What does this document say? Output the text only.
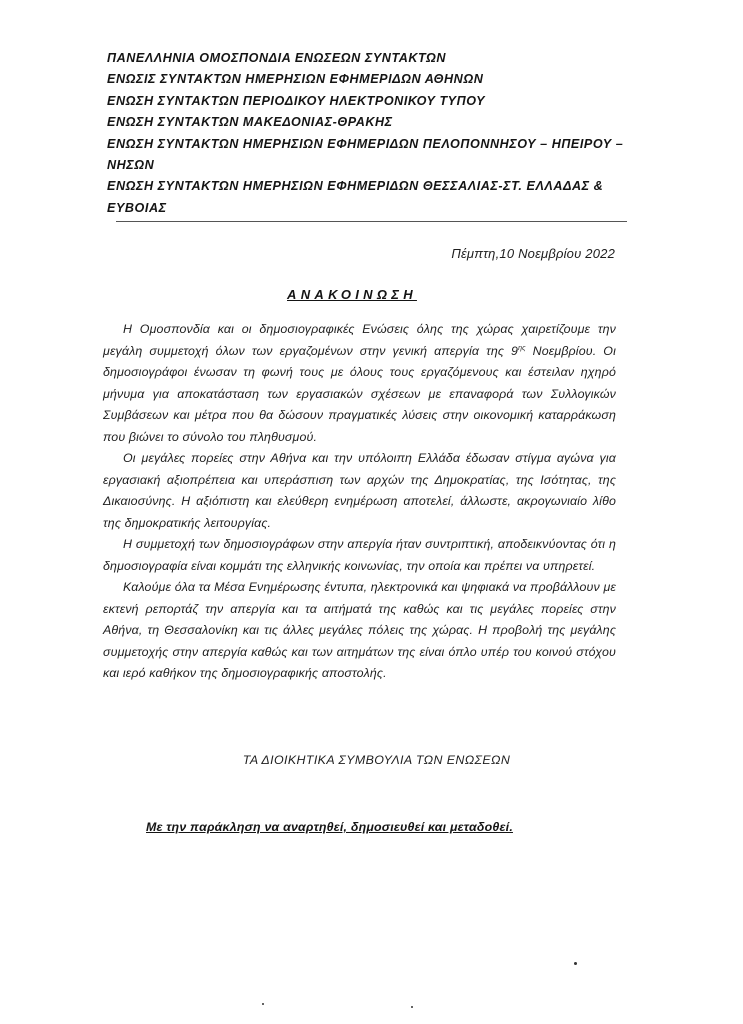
ΠΑΝΕΛΛΗΝΙΑ ΟΜΟΣΠΟΝΔΙΑ ΕΝΩΣΕΩΝ ΣΥΝΤΑΚΤΩΝ
ΕΝΩΣΙΣ ΣΥΝΤΑΚΤΩΝ ΗΜΕΡΗΣΙΩΝ ΕΦΗΜΕΡΙΔΩΝ ΑΘΗΝΩΝ
ΕΝΩΣΗ ΣΥΝΤΑΚΤΩΝ ΠΕΡΙΟΔΙΚΟΥ ΗΛΕΚΤΡΟΝΙΚΟΥ ΤΥΠΟΥ
ΕΝΩΣΗ ΣΥΝΤΑΚΤΩΝ ΜΑΚΕΔΟΝΙΑΣ-ΘΡΑΚΗΣ
ΕΝΩΣΗ ΣΥΝΤΑΚΤΩΝ ΗΜΕΡΗΣΙΩΝ ΕΦΗΜΕΡΙΔΩΝ ΠΕΛΟΠΟΝΝΗΣΟΥ – ΗΠΕΙΡΟΥ – ΝΗΣΩΝ
ΕΝΩΣΗ ΣΥΝΤΑΚΤΩΝ ΗΜΕΡΗΣΙΩΝ ΕΦΗΜΕΡΙΔΩΝ ΘΕΣΣΑΛΙΑΣ-ΣΤ. ΕΛΛΑΔΑΣ & ΕΥΒΟΙΑΣ
Πέμπτη,10 Νοεμβρίου 2022
ΑΝΑΚΟΙΝΩΣΗ

Η Ομοσπονδία και οι δημοσιογραφικές Ενώσεις όλης της χώρας χαιρετίζουμε την μεγάλη συμμετοχή όλων των εργαζομένων στην γενική απεργία της $9^{\eta\varsigma}$ Νοεμβρίου. Οι δημοσιογράφοι ένωσαν τη φωνή τους με όλους τους εργαζόμενους και έστειλαν ηχηρό μήνυμα για αποκατάσταση των εργασιακών σχέσεων με επαναφορά των Συλλογικών Συμβάσεων και μέτρα που θα δώσουν πραγματικές λύσεις στην οικονομική καταρράκωση που βιώνει το σύνολο του πληθυσμού.

Οι μεγάλες πορείες στην Αθήνα και την υπόλοιπη Ελλάδα έδωσαν στίγμα αγώνα για εργασιακή αξιοπρέπεια και υπεράσπιση των αρχών της Δημοκρατίας, της Ισότητας, της Δικαιοσύνης. Η αξιόπιστη και ελεύθερη ενημέρωση αποτελεί, άλλωστε, ακρογωνιαίο λίθο της δημοκρατικής λειτουργίας.

Η συμμετοχή των δημοσιογράφων στην απεργία ήταν συντριπτική, αποδεικνύοντας ότι η δημοσιογραφία είναι κομμάτι της ελληνικής κοινωνίας, την οποία και πρέπει να υπηρετεί.

Καλούμε όλα τα Μέσα Ενημέρωσης έντυπα, ηλεκτρονικά και ψηφιακά να προβάλλουν με εκτενή ρεπορτάζ την απεργία και τα αιτήματά της καθώς και τις μεγάλες πορείες στην Αθήνα, τη Θεσσαλονίκη και τις άλλες μεγάλες πόλεις της χώρας. Η προβολή της μεγάλης συμμετοχής στην απεργία καθώς και των αιτημάτων της είναι όπλο υπέρ του κοινού στόχου και ιερό καθήκον της δημοσιογραφικής αποστολής.

ΤΑ ΔΙΟΙΚΗΤΙΚΑ ΣΥΜΒΟΥΛΙΑ ΤΩΝ ΕΝΩΣΕΩΝ
Με την παράκληση να αναρτηθεί, δημοσιευθεί και μεταδοθεί.
